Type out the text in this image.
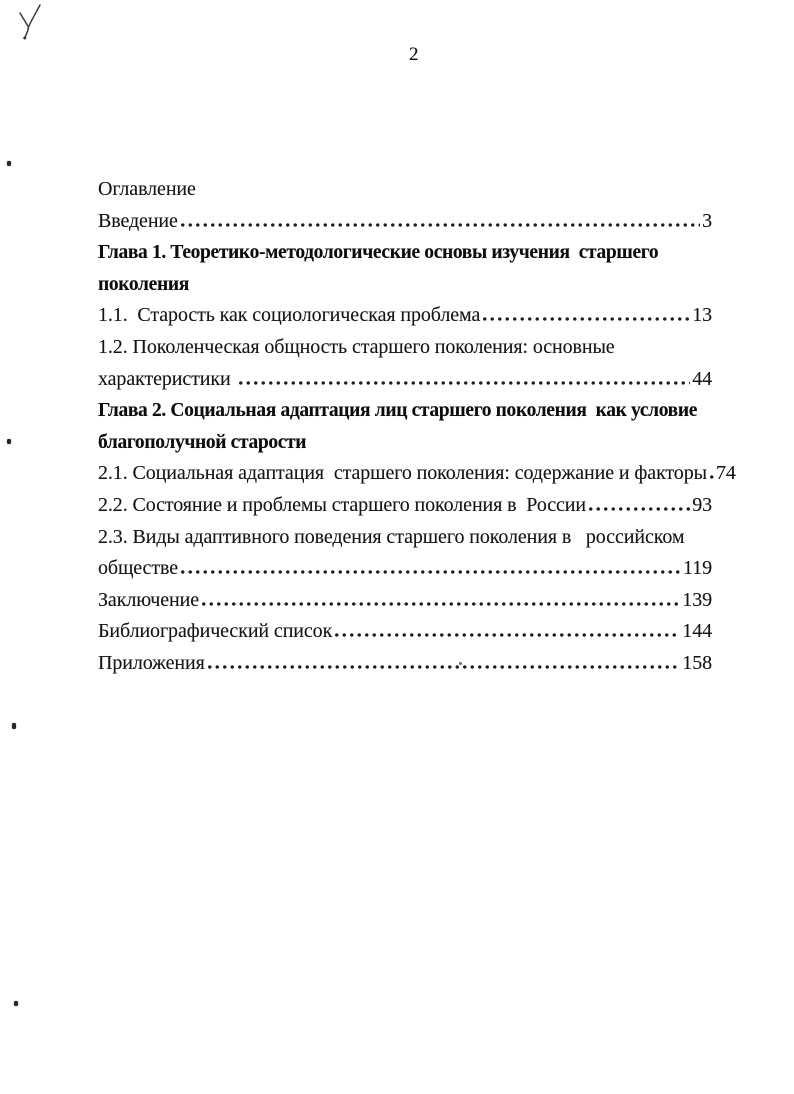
2
Оглавление
Введение	3
Глава 1. Теоретико-методологические основы изучения  старшего
поколения
1.1.  Старость как социологическая проблема	13
1.2. Поколенческая общность старшего поколения: основные
характеристики	44
Глава 2. Социальная адаптация лиц старшего поколения  как условие
благополучной старости
2.1. Социальная адаптация  старшего поколения: содержание и факторы 74
2.2. Состояние и проблемы старшего поколения в  России	93
2.3. Виды адаптивного поведения старшего поколения в   российском
обществе	119
Заключение	139
Библиографический список	144
Приложения	158
